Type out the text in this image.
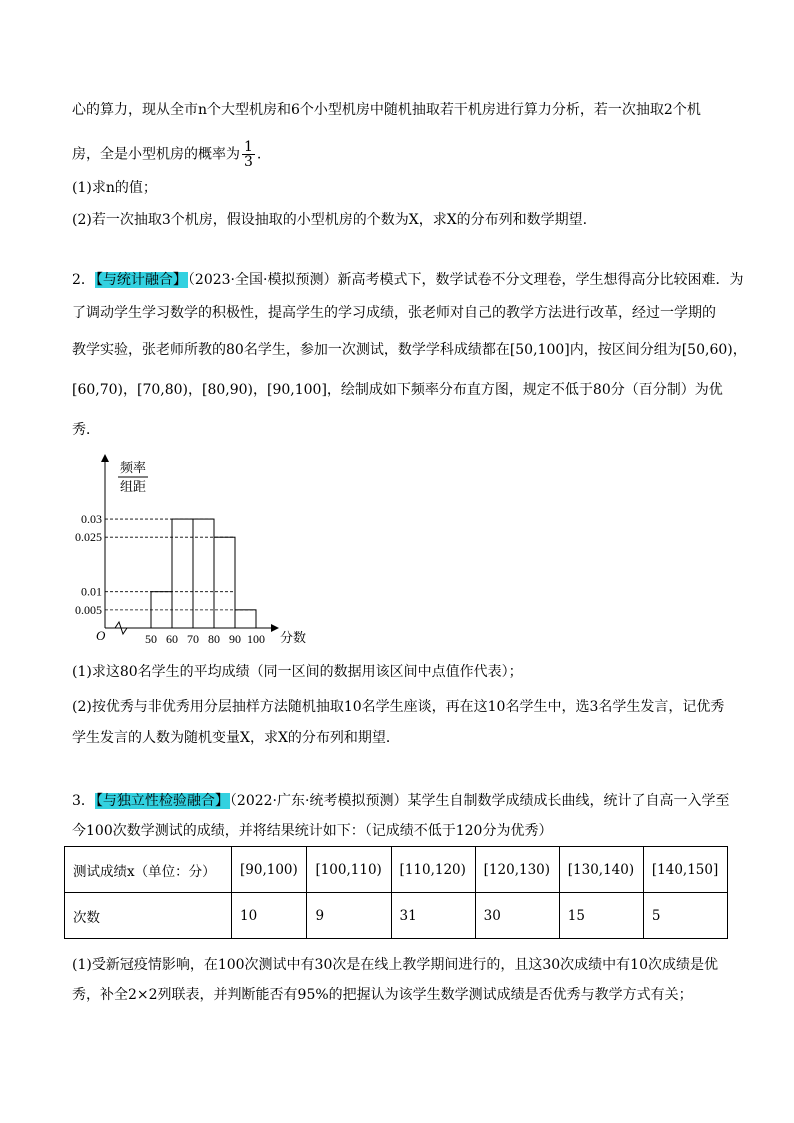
心的算力，现从全市n个大型机房和6个小型机房中随机抽取若干机房进行算力分析，若一次抽取2个机
房，全是小型机房的概率为 $\frac{1}{3}$ .
(1)求n的值；
(2)若一次抽取3个机房，假设抽取的小型机房的个数为X，求X的分布列和数学期望.
2．【与统计融合】（2023·全国·模拟预测）新高考模式下，数学试卷不分文理卷，学生想得高分比较困难．为
了调动学生学习数学的积极性，提高学生的学习成绩，张老师对自己的教学方法进行改革，经过一学期的
教学实验，张老师所教的80名学生，参加一次测试，数学学科成绩都在[50,100]内，按区间分组为[50,60)，
[60,70)，[70,80)，[80,90)，[90,100]，绘制成如下频率分布直方图，规定不低于80分（百分制）为优
秀．
频率
组距
O	分数
0.005
0.01
0.025
0.03
50 60 70 80 90 100
(1)求这80名学生的平均成绩（同一区间的数据用该区间中点值作代表）；
(2)按优秀与非优秀用分层抽样方法随机抽取10名学生座谈，再在这10名学生中，选3名学生发言，记优秀
学生发言的人数为随机变量X，求X的分布列和期望．
3．【与独立性检验融合】（2022·广东·统考模拟预测）某学生自制数学成绩成长曲线，统计了自高一入学至
今100次数学测试的成绩，并将结果统计如下：（记成绩不低于120分为优秀）
测试成绩x（单位：分）	[90,100)	[100,110)	[110,120)	[120,130)	[130,140)	[140,150]
次数	10	9	31	30	15	5
(1)受新冠疫情影响，在100次测试中有30次是在线上教学期间进行的，且这30次成绩中有10次成绩是优
秀，补全2×2列联表，并判断能否有95%的把握认为该学生数学测试成绩是否优秀与教学方式有关；
